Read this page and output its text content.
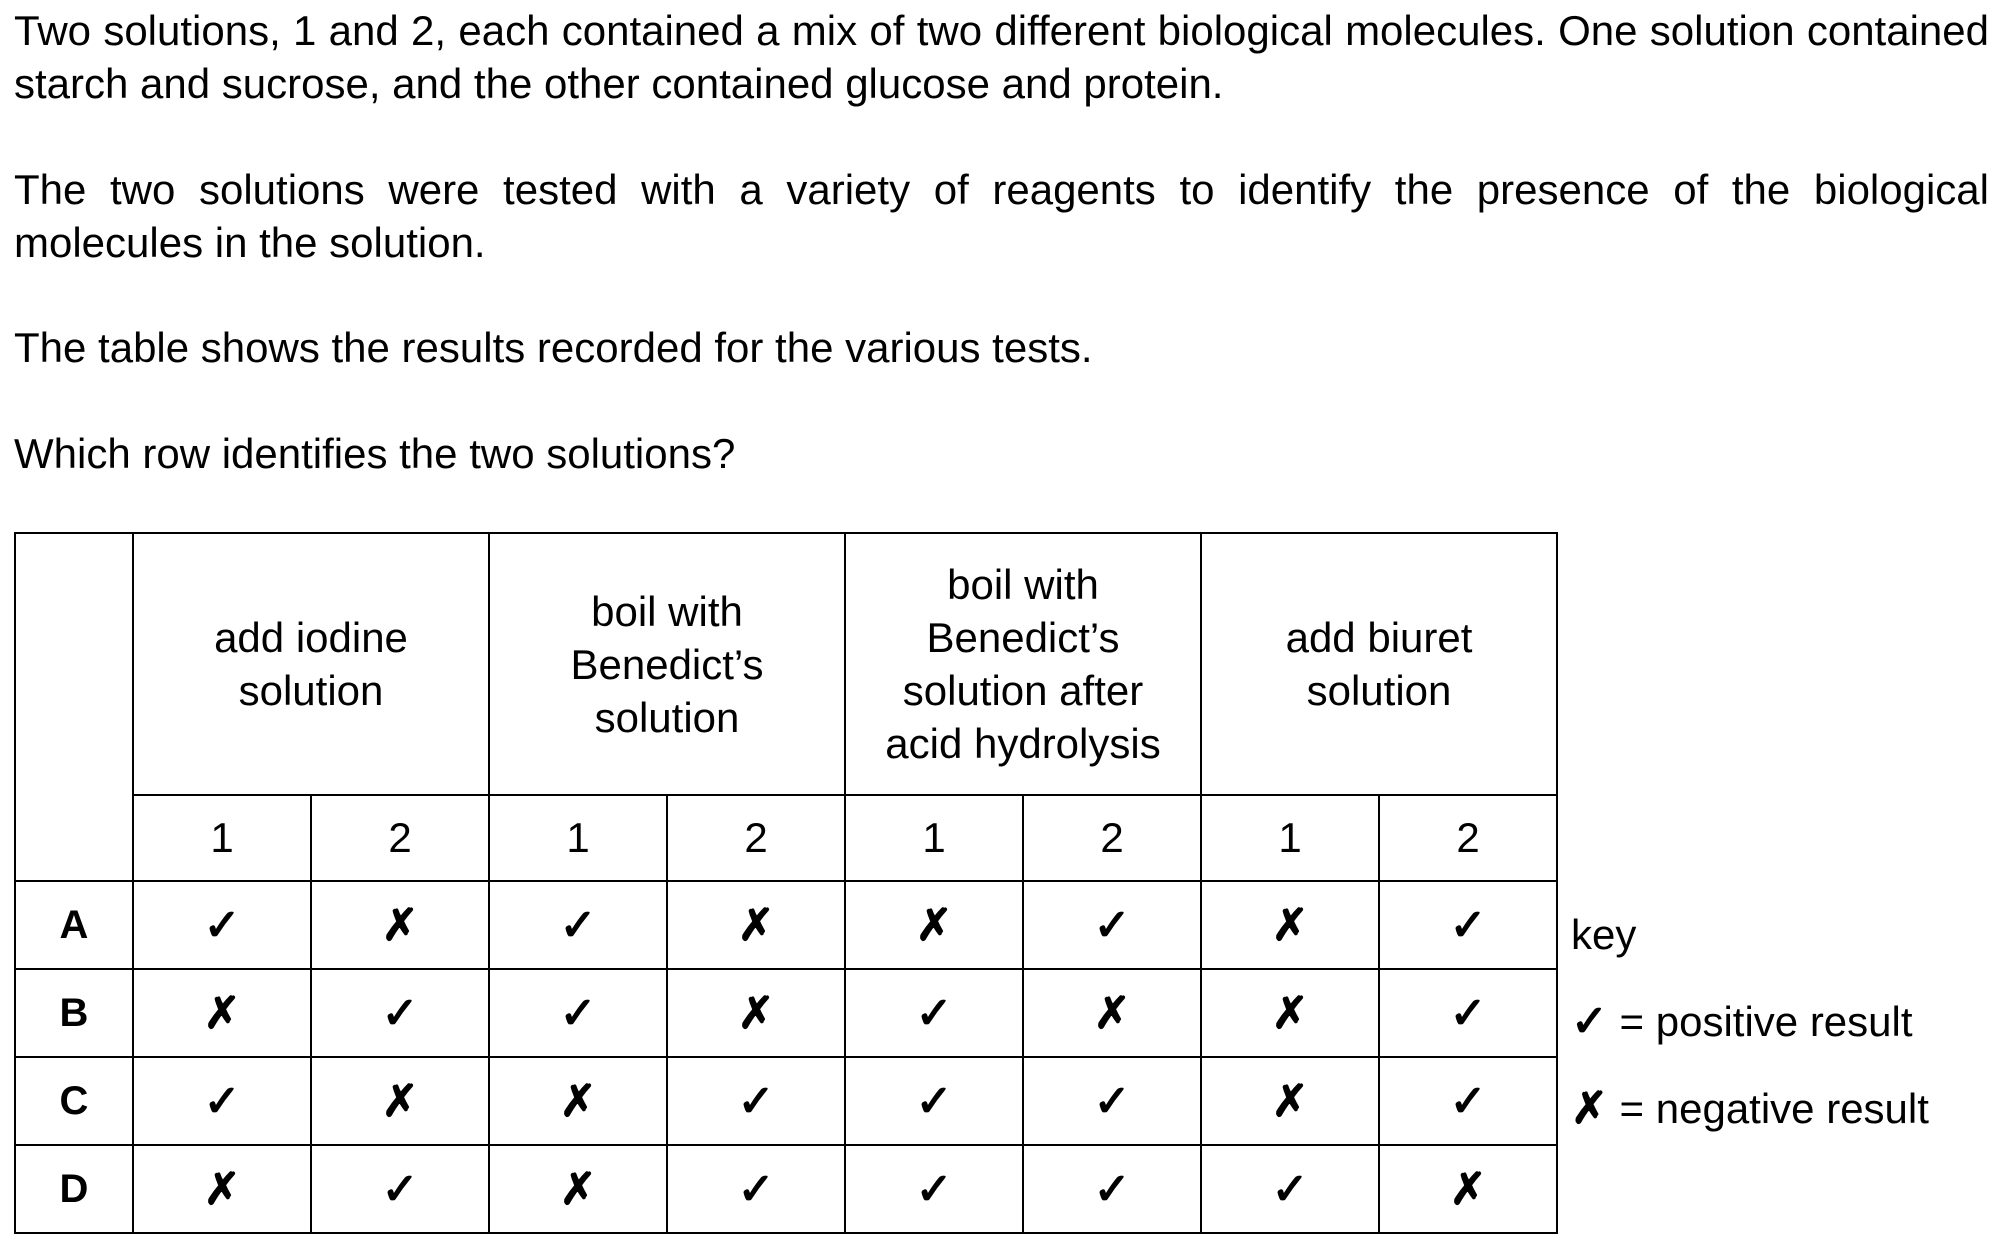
Two solutions, 1 and 2, each contained a mix of two different biological molecules. One solution contained starch and sucrose, and the other contained glucose and protein.

The two solutions were tested with a variety of reagents to identify the presence of the biological molecules in the solution.

The table shows the results recorded for the various tests.

Which row identifies the two solutions?

	add iodine solution		boil with Benedict’s solution		boil with Benedict’s solution after acid hydrolysis		add biuret solution	
	1	2	1	2	1	2	1	2
A	✓	✗	✓	✗	✗	✓	✗	✓
B	✗	✓	✓	✗	✓	✗	✗	✓
C	✓	✗	✗	✓	✓	✓	✗	✓
D	✗	✓	✗	✓	✓	✓	✓	✗
key
✓ = positive result
✗ = negative result
